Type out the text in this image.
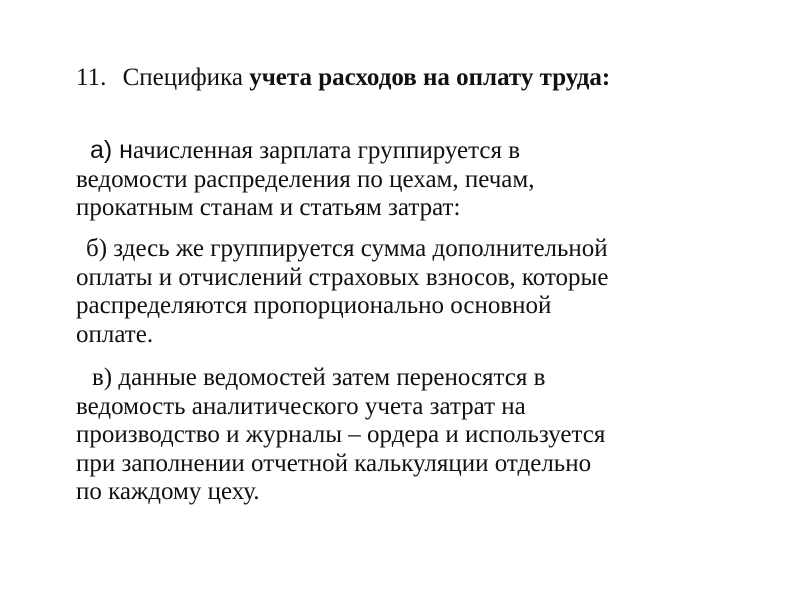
11. Специфика учета расходов на оплату труда:
а) начисленная зарплата группируется в
ведомости распределения по цехам, печам,
прокатным станам и статьям затрат:
б) здесь же группируется сумма дополнительной
оплаты и отчислений страховых взносов, которые
распределяются пропорционально основной
оплате.
в) данные ведомостей затем переносятся в
ведомость аналитического учета затрат на
производство и журналы – ордера и используется
при заполнении отчетной калькуляции отдельно
по каждому цеху.
